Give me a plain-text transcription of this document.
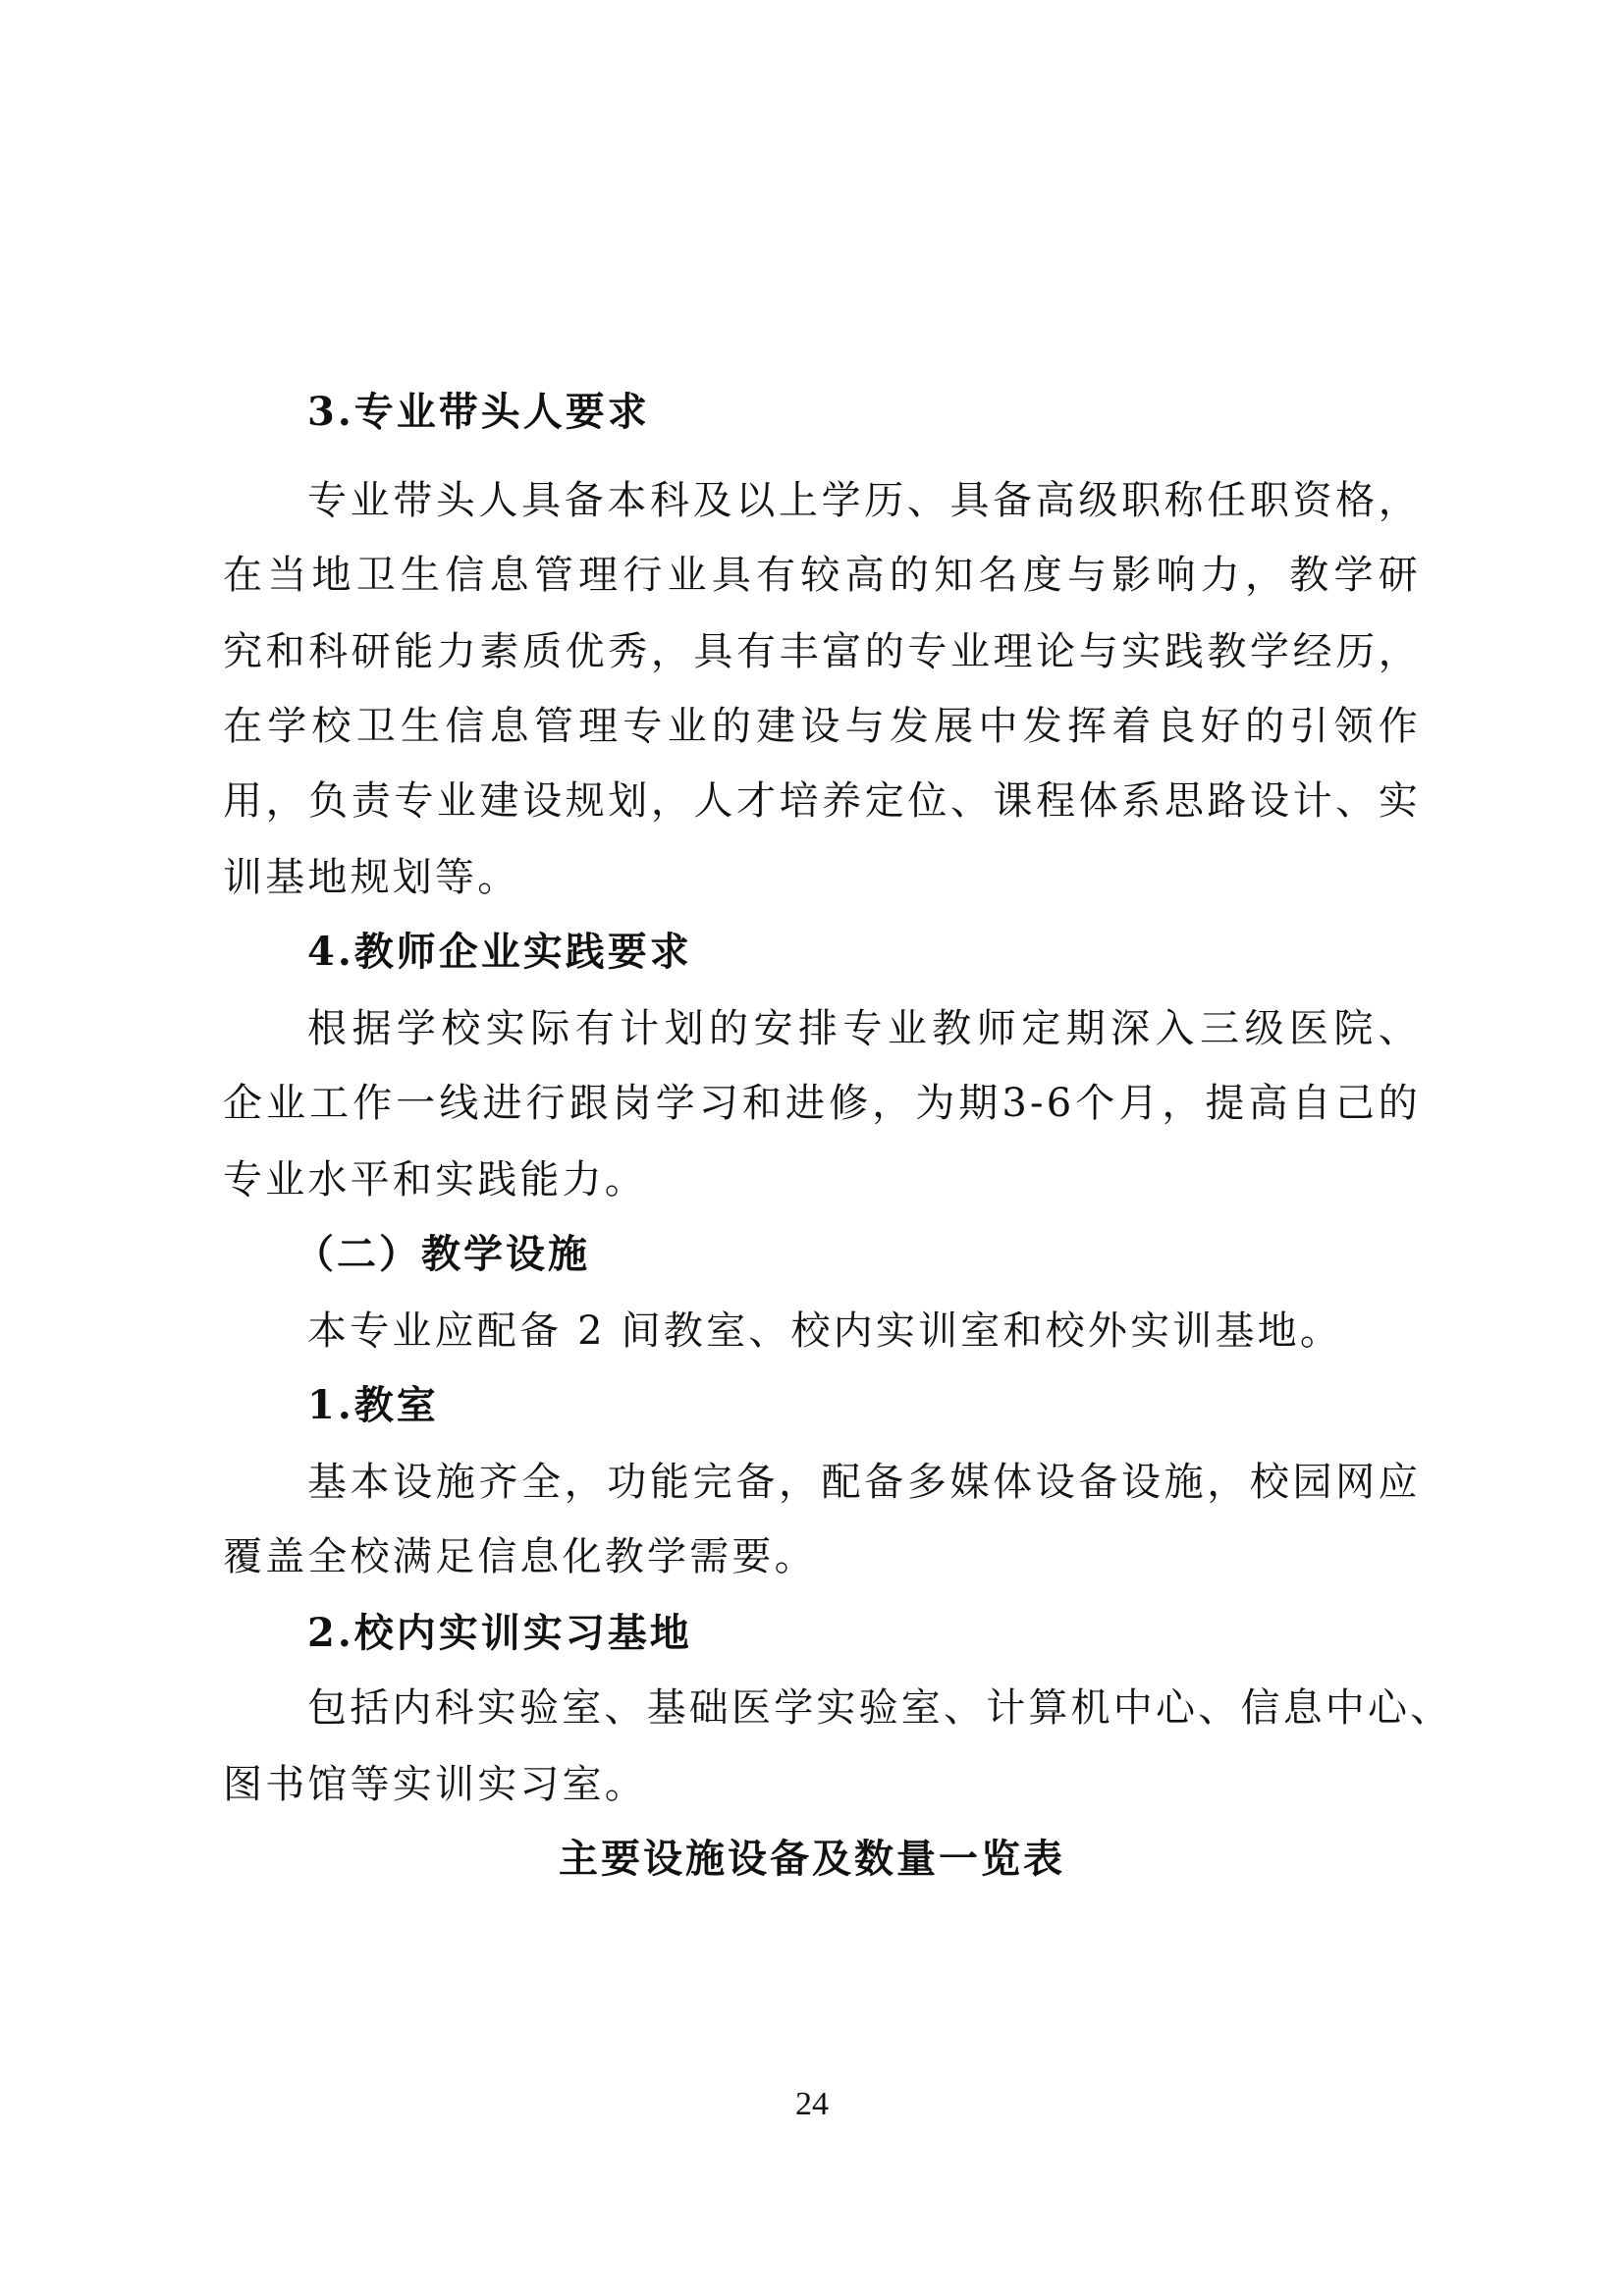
3.专业带头人要求
专业带头人具备本科及以上学历、具备高级职称任职资格，
在当地卫生信息管理行业具有较高的知名度与影响力，教学研
究和科研能力素质优秀，具有丰富的专业理论与实践教学经历，
在学校卫生信息管理专业的建设与发展中发挥着良好的引领作
用，负责专业建设规划，人才培养定位、课程体系思路设计、实
训基地规划等。
4.教师企业实践要求
根据学校实际有计划的安排专业教师定期深入三级医院、
企业工作一线进行跟岗学习和进修，为期3-6个月，提高自己的
专业水平和实践能力。
（二）教学设施
本专业应配备 2 间教室、校内实训室和校外实训基地。
1.教室
基本设施齐全，功能完备，配备多媒体设备设施，校园网应
覆盖全校满足信息化教学需要。
2.校内实训实习基地
包括内科实验室、基础医学实验室、计算机中心、信息中心、
图书馆等实训实习室。
主要设施设备及数量一览表
24
